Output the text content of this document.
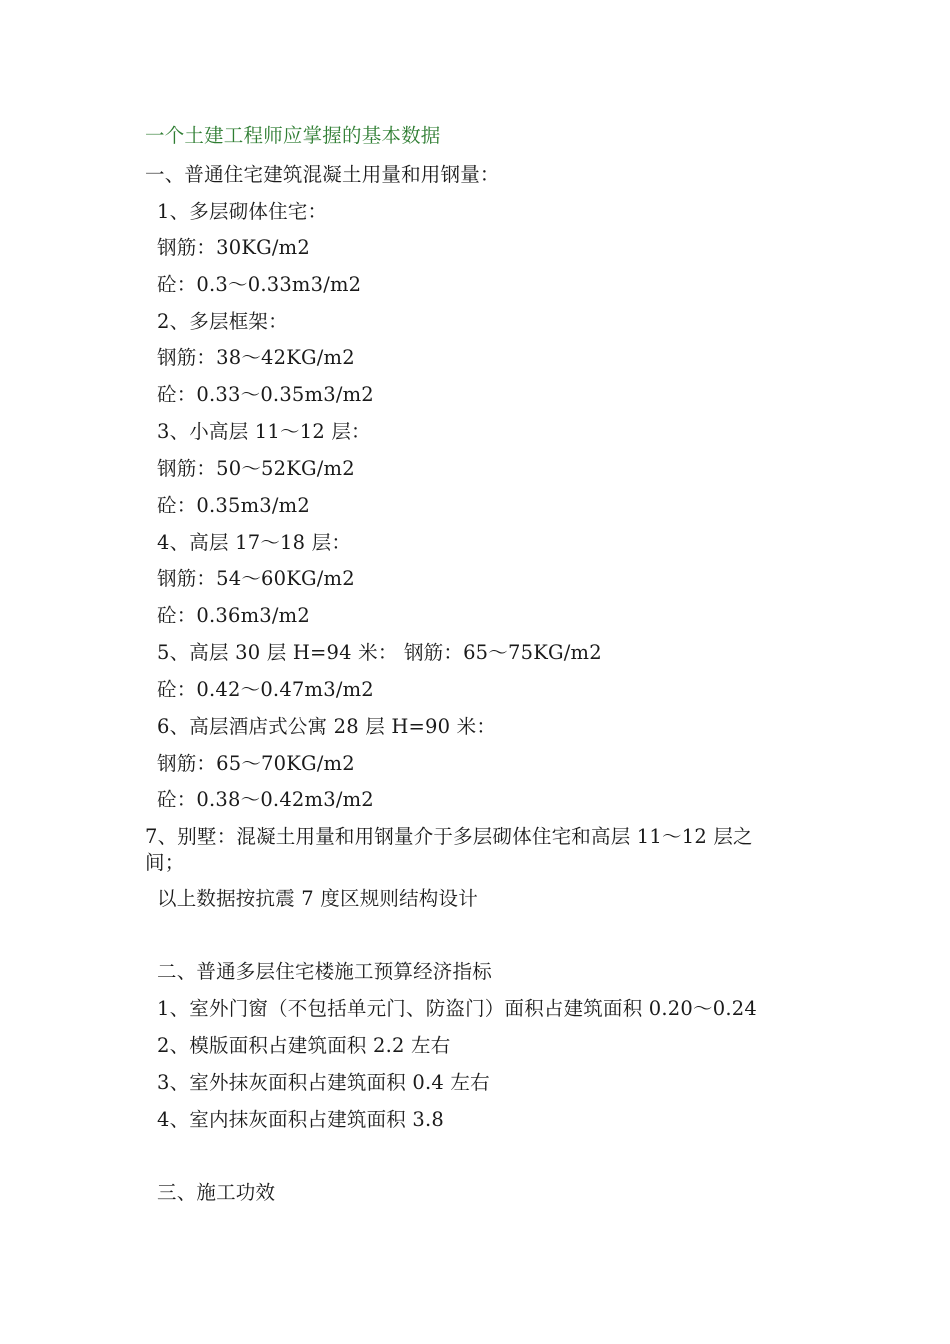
一个土建工程师应掌握的基本数据
一、普通住宅建筑混凝土用量和用钢量：
1、多层砌体住宅：
钢筋：30KG/m2
砼：0.3～0.33m3/m2
2、多层框架：
钢筋：38～42KG/m2
砼：0.33～0.35m3/m2
3、小高层 11～12 层：
钢筋：50～52KG/m2
砼：0.35m3/m2
4、高层 17～18 层：
钢筋：54～60KG/m2
砼：0.36m3/m2
5、高层 30 层 H=94 米： 钢筋：65～75KG/m2
砼：0.42～0.47m3/m2
6、高层酒店式公寓 28 层 H=90 米：
钢筋：65～70KG/m2
砼：0.38～0.42m3/m2
7、别墅：混凝土用量和用钢量介于多层砌体住宅和高层 11～12 层之
间；
以上数据按抗震 7 度区规则结构设计
二、普通多层住宅楼施工预算经济指标
1、室外门窗（不包括单元门、防盗门）面积占建筑面积 0.20～0.24
2、模版面积占建筑面积 2.2 左右
3、室外抹灰面积占建筑面积 0.4 左右
4、室内抹灰面积占建筑面积 3.8
三、施工功效
